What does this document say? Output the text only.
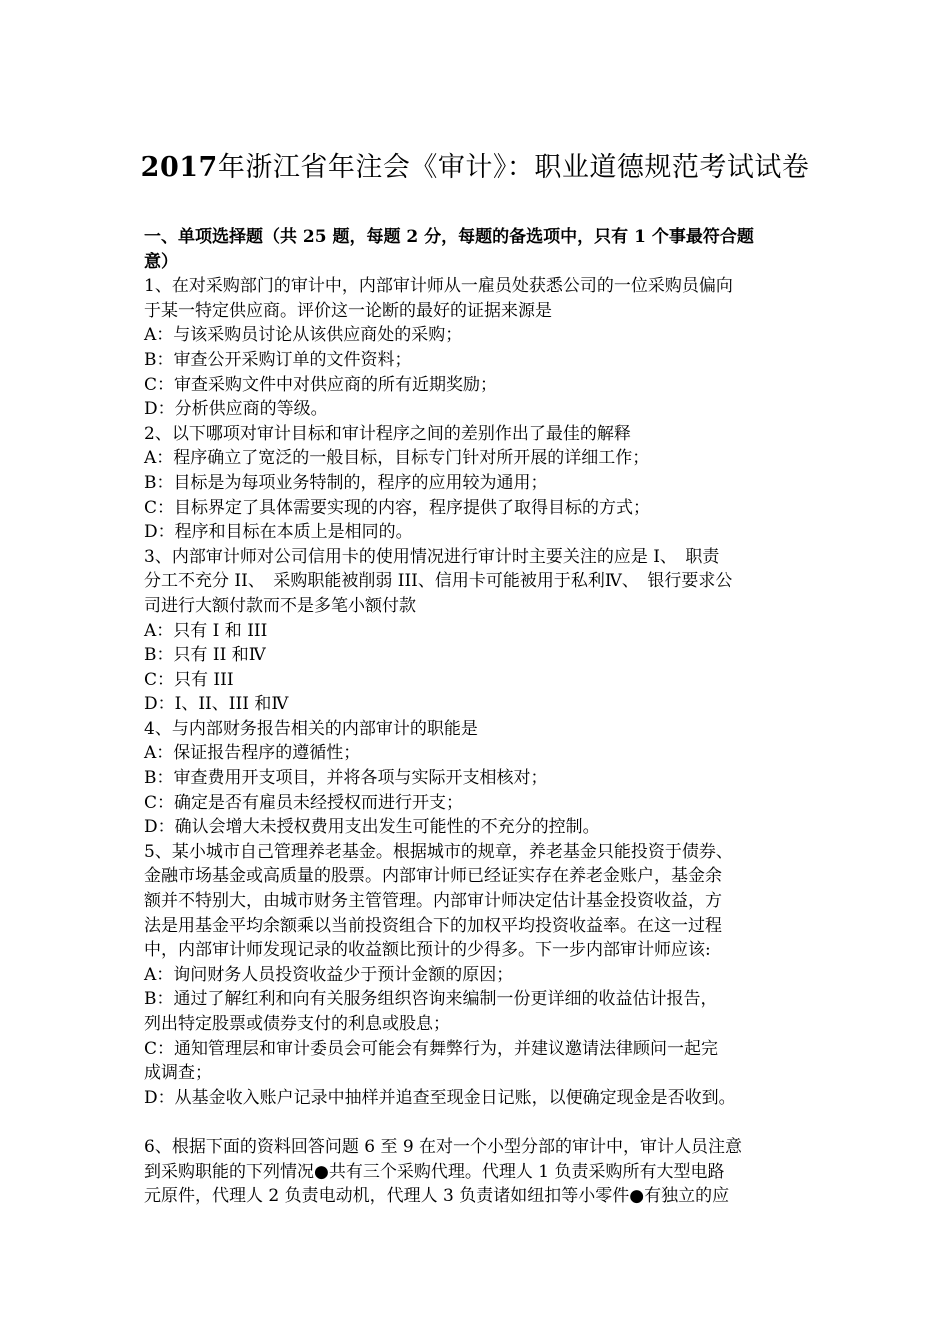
2017年浙江省年注会《审计》：职业道德规范考试试卷
一、单项选择题（共 25 题，每题 2 分，每题的备选项中，只有 1 个事最符合题
意）
1、在对采购部门的审计中，内部审计师从一雇员处获悉公司的一位采购员偏向
于某一特定供应商。评价这一论断的最好的证据来源是
A：与该采购员讨论从该供应商处的采购；
B：审查公开采购订单的文件资料；
C：审查采购文件中对供应商的所有近期奖励；
D：分析供应商的等级。
2、以下哪项对审计目标和审计程序之间的差别作出了最佳的解释
A：程序确立了宽泛的一般目标，目标专门针对所开展的详细工作；
B：目标是为每项业务特制的，程序的应用较为通用；
C：目标界定了具体需要实现的内容，程序提供了取得目标的方式；
D：程序和目标在本质上是相同的。
3、内部审计师对公司信用卡的使用情况进行审计时主要关注的应是 I、　职责
分工不充分 II、　采购职能被削弱 III、信用卡可能被用于私利Ⅳ、　银行要求公
司进行大额付款而不是多笔小额付款
A：只有 I 和 III
B：只有 II 和Ⅳ
C：只有 III
D：I、II、III 和Ⅳ
4、与内部财务报告相关的内部审计的职能是
A：保证报告程序的遵循性；
B：审查费用开支项目，并将各项与实际开支相核对；
C：确定是否有雇员未经授权而进行开支；
D：确认会增大未授权费用支出发生可能性的不充分的控制。
5、某小城市自己管理养老基金。根据城市的规章，养老基金只能投资于债券、
金融市场基金或高质量的股票。内部审计师已经证实存在养老金账户，基金余
额并不特别大，由城市财务主管管理。内部审计师决定估计基金投资收益，方
法是用基金平均余额乘以当前投资组合下的加权平均投资收益率。在这一过程
中，内部审计师发现记录的收益额比预计的少得多。下一步内部审计师应该:
A：询问财务人员投资收益少于预计金额的原因；
B：通过了解红利和向有关服务组织咨询来编制一份更详细的收益估计报告，
列出特定股票或债券支付的利息或股息；
C：通知管理层和审计委员会可能会有舞弊行为，并建议邀请法律顾问一起完
成调查；
D：从基金收入账户记录中抽样并追查至现金日记账，以便确定现金是否收到。
6、根据下面的资料回答问题 6 至 9 在对一个小型分部的审计中，审计人员注意
到采购职能的下列情况●共有三个采购代理。代理人 1 负责采购所有大型电路
元原件，代理人 2 负责电动机，代理人 3 负责诸如纽扣等小零件●有独立的应
